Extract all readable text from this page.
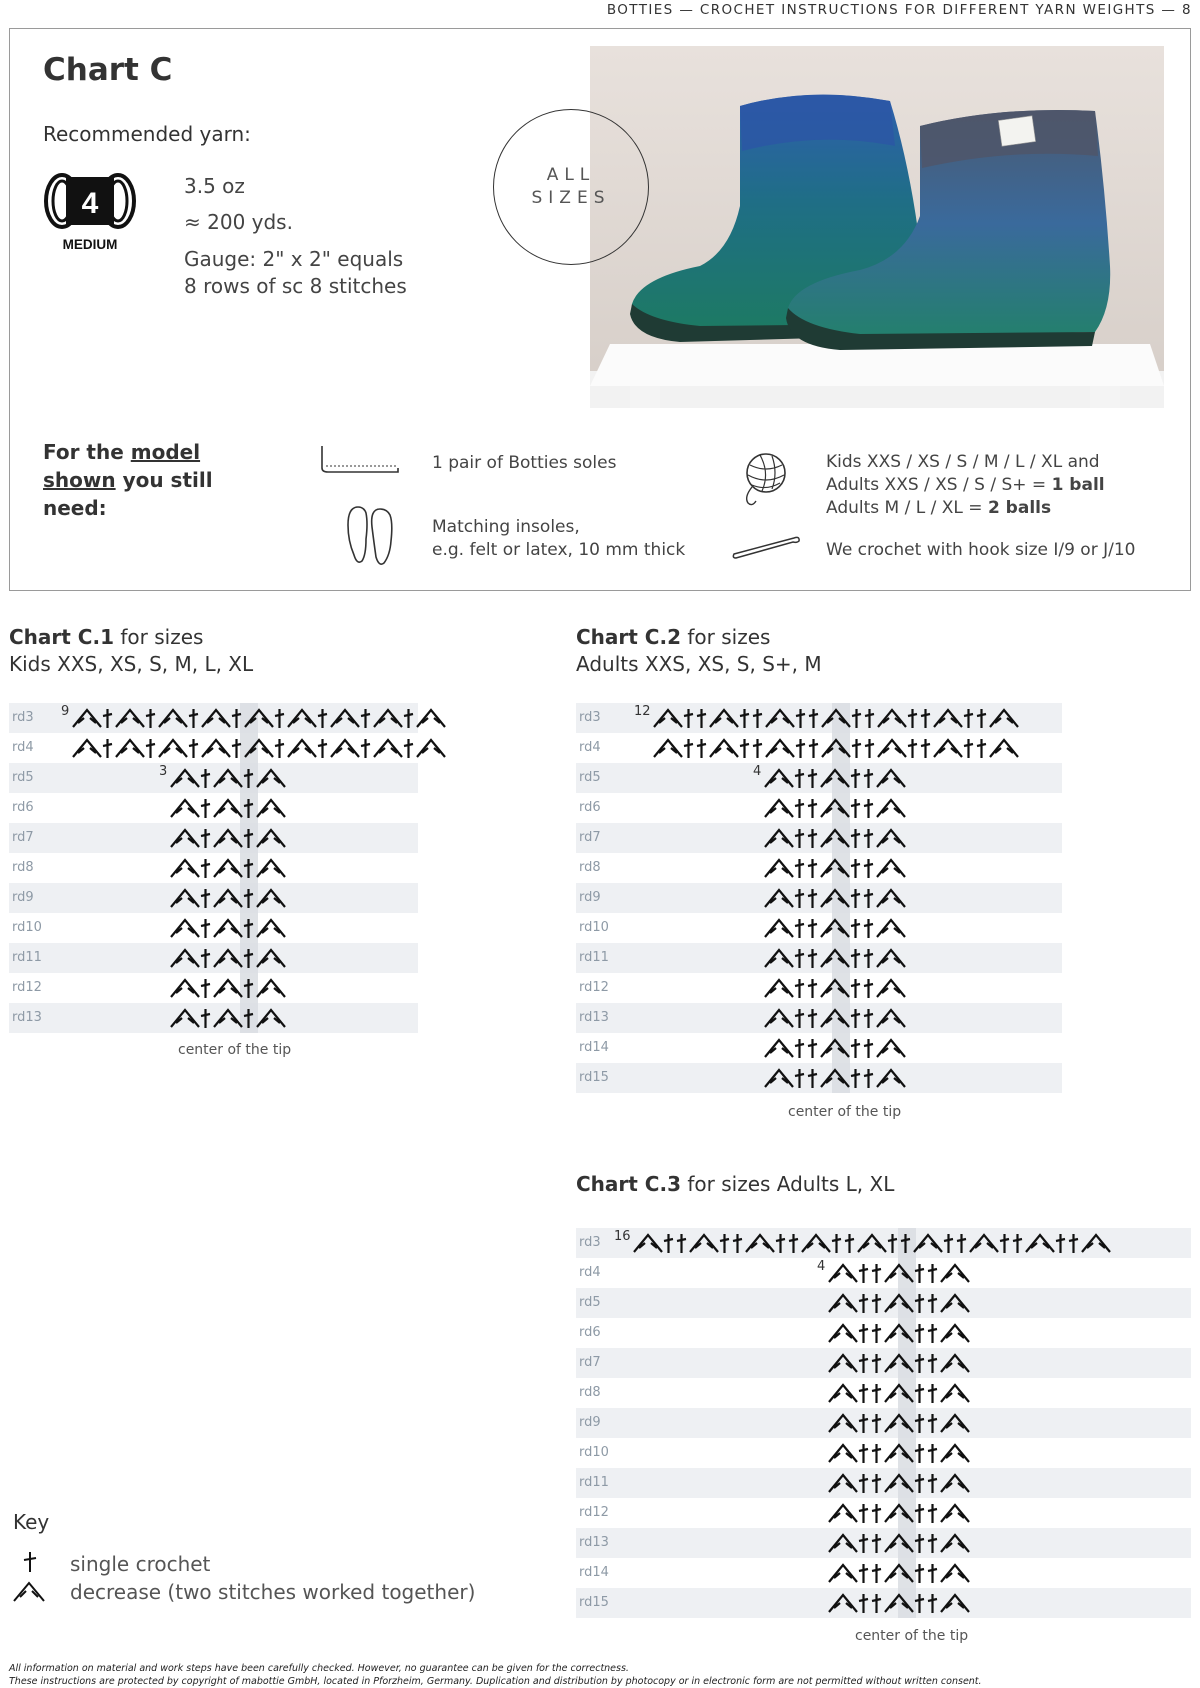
BOTTIES — CROCHET INSTRUCTIONS FOR DIFFERENT YARN WEIGHTS — 8
Chart C
Recommended yarn:
4
MEDIUM
3.5 oz
≈ 200 yds.
Gauge: 2" x 2" equals
8 rows of sc 8 stitches
ALL
SIZES
For the model
shown you still
need:
1 pair of Botties soles
Matching insoles,
e.g. felt or latex, 10 mm thick
Kids XXS / XS / S / M / L / XL and
Adults XXS / XS / S / S+ = 1 ball
Adults M / L / XL = 2 balls
We crochet with hook size I/9 or J/10
Chart C.1 for sizes
Kids XXS, XS, S, M, L, XL
Chart C.2 for sizes
Adults XXS, XS, S, S+, M
Chart C.3 for sizes Adults L, XL
rd3 9
rd4
rd5	3
rd6
rd7
rd8
rd9
rd10
rd11
rd12
rd13
rd3	12
rd4
rd5	4
rd6
rd7
rd8
rd9
rd10
rd11
rd12
rd13
rd14
rd15
rd3 16
rd4	4
rd5
rd6
rd7
rd8
rd9
rd10
rd11
rd12
rd13
rd14
rd15
center of the tip
center of the tip
center of the tip
Key
single crochet
decrease (two stitches worked together)
All information on material and work steps have been carefully checked. However, no guarantee can be given for the correctness.
These instructions are protected by copyright of mabottie GmbH, located in Pforzheim, Germany. Duplication and distribution by photocopy or in electronic form are not permitted without written consent.
